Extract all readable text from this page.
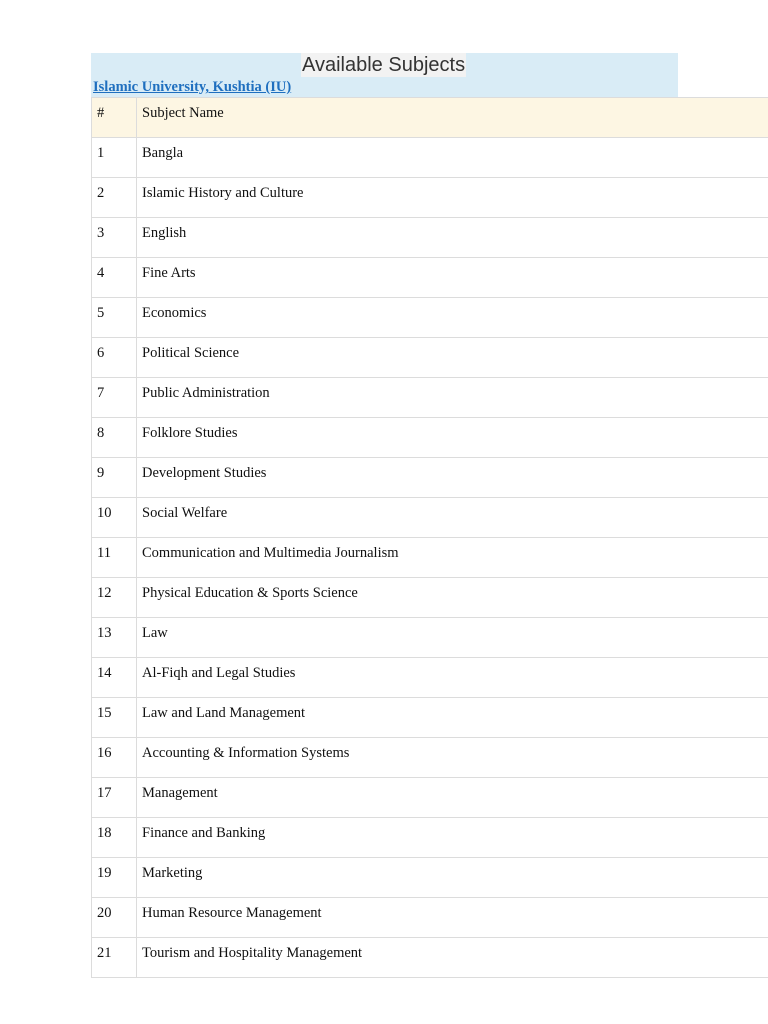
Available Subjects
Islamic University, Kushtia (IU)
#	Subject Name
1	Bangla
2	Islamic History and Culture
3	English
4	Fine Arts
5	Economics
6	Political Science
7	Public Administration
8	Folklore Studies
9	Development Studies
10	Social Welfare
11	Communication and Multimedia Journalism
12	Physical Education & Sports Science
13	Law
14	Al-Fiqh and Legal Studies
15	Law and Land Management
16	Accounting & Information Systems
17	Management
18	Finance and Banking
19	Marketing
20	Human Resource Management
21	Tourism and Hospitality Management
